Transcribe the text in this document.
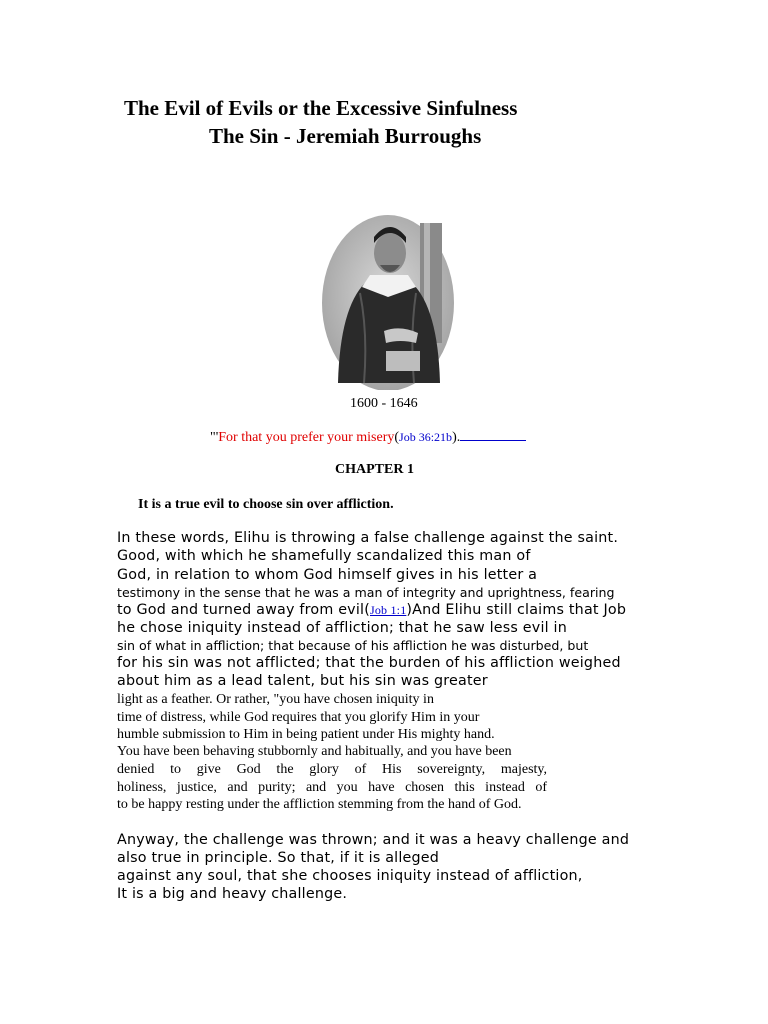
The Evil of Evils or the Excessive Sinfulness
The Sin - Jeremiah Burroughs
1600 - 1646
"'For that you prefer your misery(Job 36:21b).
CHAPTER 1
It is a true evil to choose sin over affliction.
In these words, Elihu is throwing a false challenge against the saint.
Good, with which he shamefully scandalized this man of
God, in relation to whom God himself gives in his letter a
testimony in the sense that he was a man of integrity and uprightness, fearing
to God and turned away from evil(Job 1:1)And Elihu still claims that Job
he chose iniquity instead of affliction; that he saw less evil in
sin of what in affliction; that because of his affliction he was disturbed, but
for his sin was not afflicted; that the burden of his affliction weighed
about him as a lead talent, but his sin was greater
light as a feather. Or rather, "you have chosen iniquity in
time of distress, while God requires that you glorify Him in your
humble submission to Him in being patient under His mighty hand.
You have been behaving stubbornly and habitually, and you have been
denied to give God the glory of His sovereignty, majesty,
holiness, justice, and purity; and you have chosen this instead of
to be happy resting under the affliction stemming from the hand of God.
Anyway, the challenge was thrown; and it was a heavy challenge and
also true in principle. So that, if it is alleged
against any soul, that she chooses iniquity instead of affliction,
It is a big and heavy challenge.
